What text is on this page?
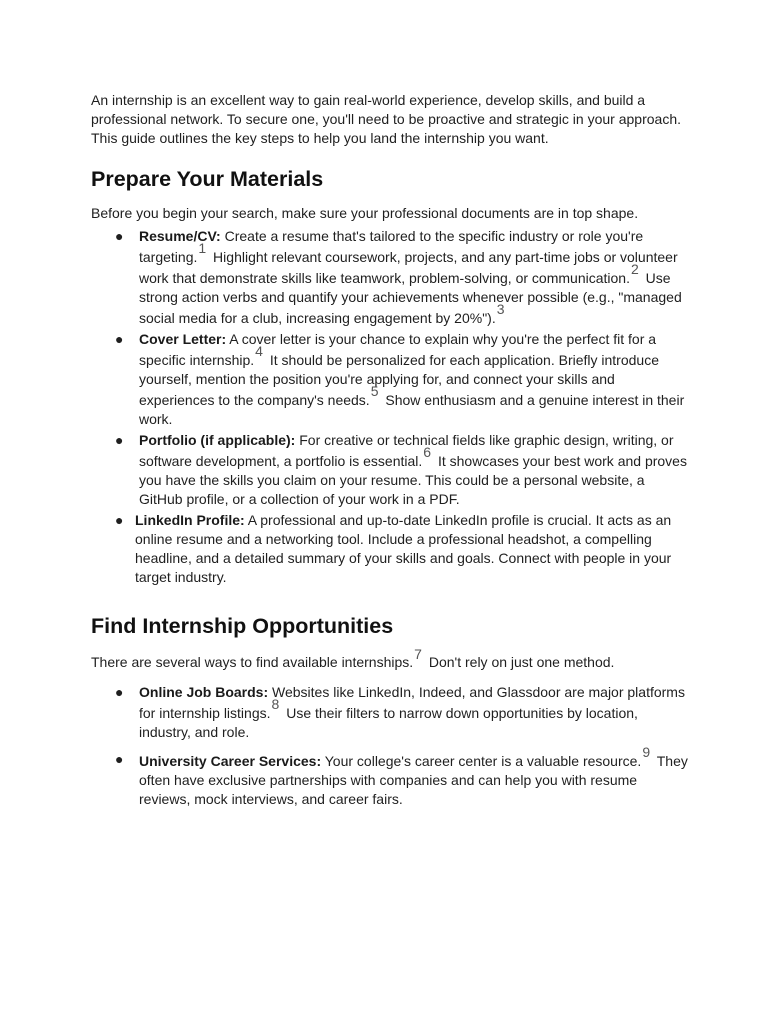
An internship is an excellent way to gain real-world experience, develop skills, and build a professional network. To secure one, you'll need to be proactive and strategic in your approach. This guide outlines the key steps to help you land the internship you want.

Prepare Your Materials

Before you begin your search, make sure your professional documents are in top shape.

● Resume/CV: Create a resume that's tailored to the specific industry or role you're targeting.1 Highlight relevant coursework, projects, and any part-time jobs or volunteer work that demonstrate skills like teamwork, problem-solving, or communication.2 Use strong action verbs and quantify your achievements whenever possible (e.g., "managed social media for a club, increasing engagement by 20%").3
● Cover Letter: A cover letter is your chance to explain why you're the perfect fit for a specific internship.4 It should be personalized for each application. Briefly introduce yourself, mention the position you're applying for, and connect your skills and experiences to the company's needs.5 Show enthusiasm and a genuine interest in their work.
● Portfolio (if applicable): For creative or technical fields like graphic design, writing, or software development, a portfolio is essential.6 It showcases your best work and proves you have the skills you claim on your resume. This could be a personal website, a GitHub profile, or a collection of your work in a PDF.
● LinkedIn Profile: A professional and up-to-date LinkedIn profile is crucial. It acts as an online resume and a networking tool. Include a professional headshot, a compelling headline, and a detailed summary of your skills and goals. Connect with people in your target industry.
Find Internship Opportunities

There are several ways to find available internships.$^7$ Don't rely on just one method.

● Online Job Boards: Websites like LinkedIn, Indeed, and Glassdoor are major platforms for internship listings.8 Use their filters to narrow down opportunities by location, industry, and role.
● University Career Services: Your college's career center is a valuable resource.9 They often have exclusive partnerships with companies and can help you with resume reviews, mock interviews, and career fairs.
